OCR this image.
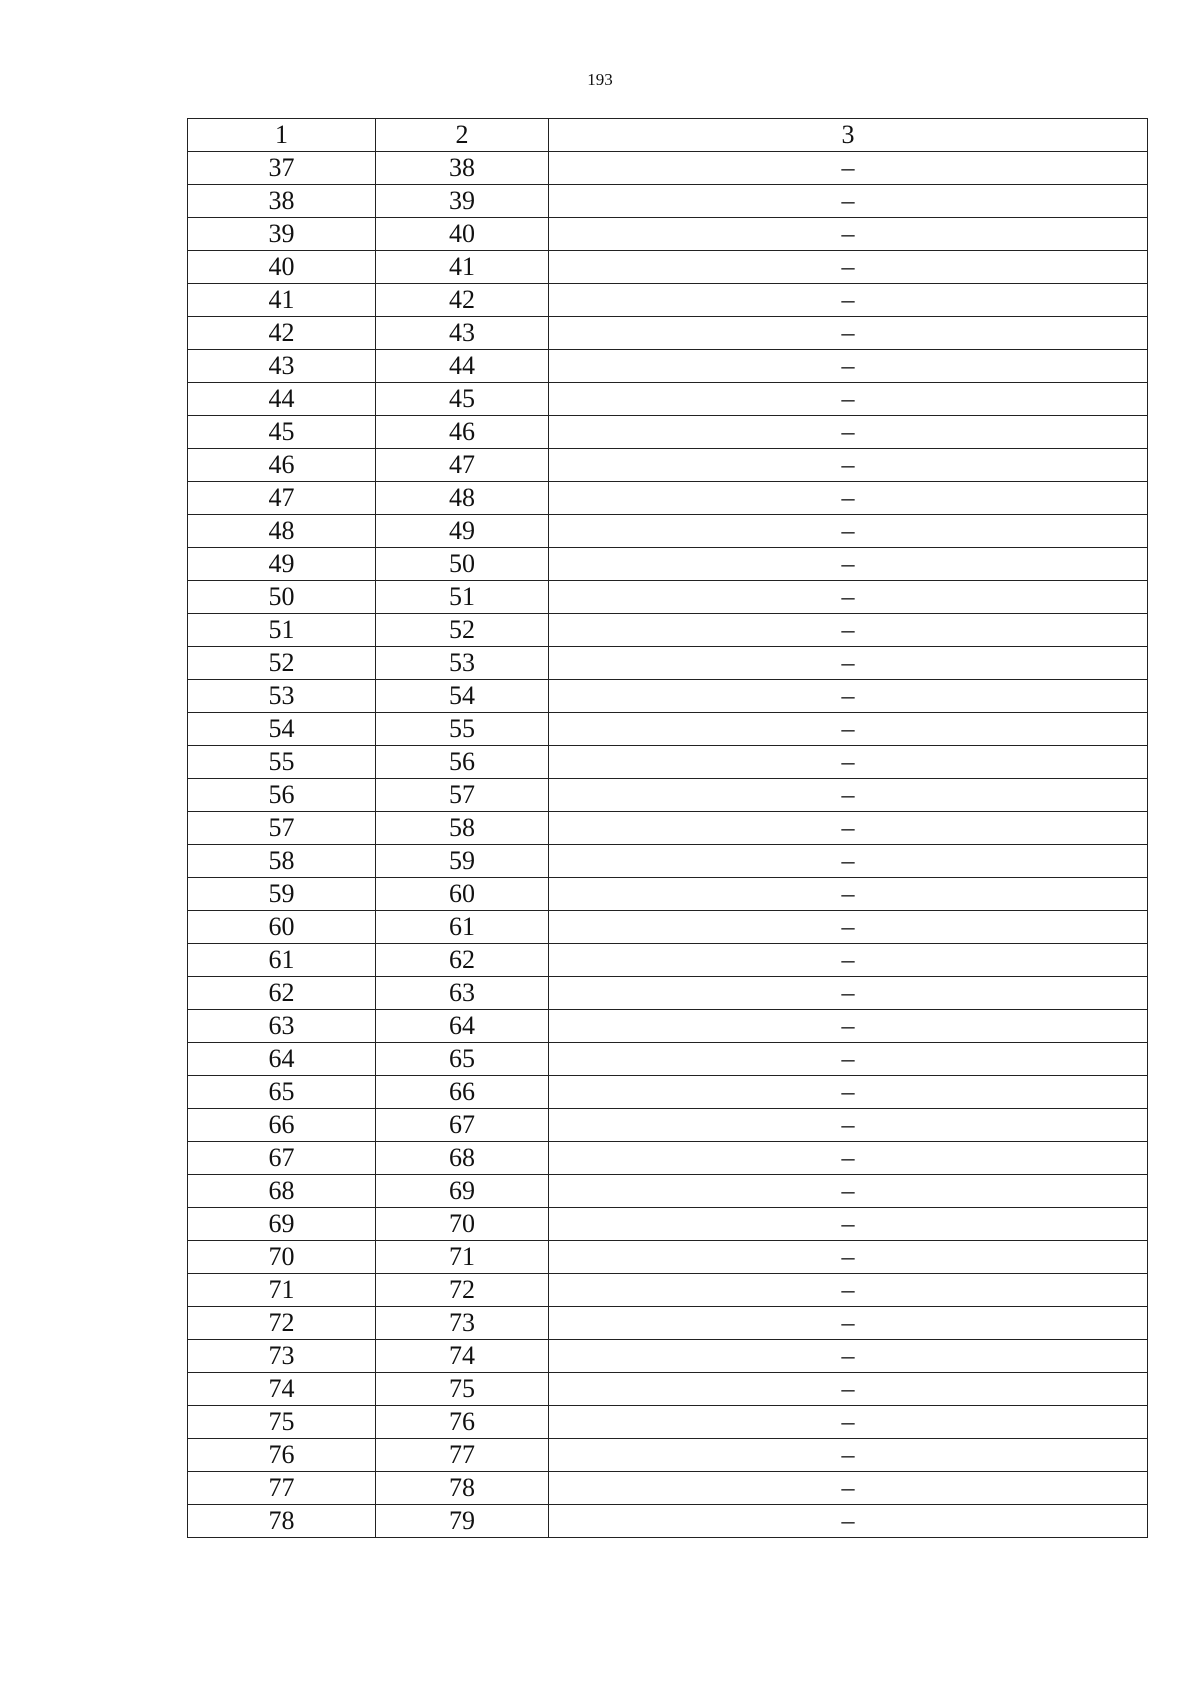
193
1	2	3
37	38	–
38	39	–
39	40	–
40	41	–
41	42	–
42	43	–
43	44	–
44	45	–
45	46	–
46	47	–
47	48	–
48	49	–
49	50	–
50	51	–
51	52	–
52	53	–
53	54	–
54	55	–
55	56	–
56	57	–
57	58	–
58	59	–
59	60	–
60	61	–
61	62	–
62	63	–
63	64	–
64	65	–
65	66	–
66	67	–
67	68	–
68	69	–
69	70	–
70	71	–
71	72	–
72	73	–
73	74	–
74	75	–
75	76	–
76	77	–
77	78	–
78	79	–
